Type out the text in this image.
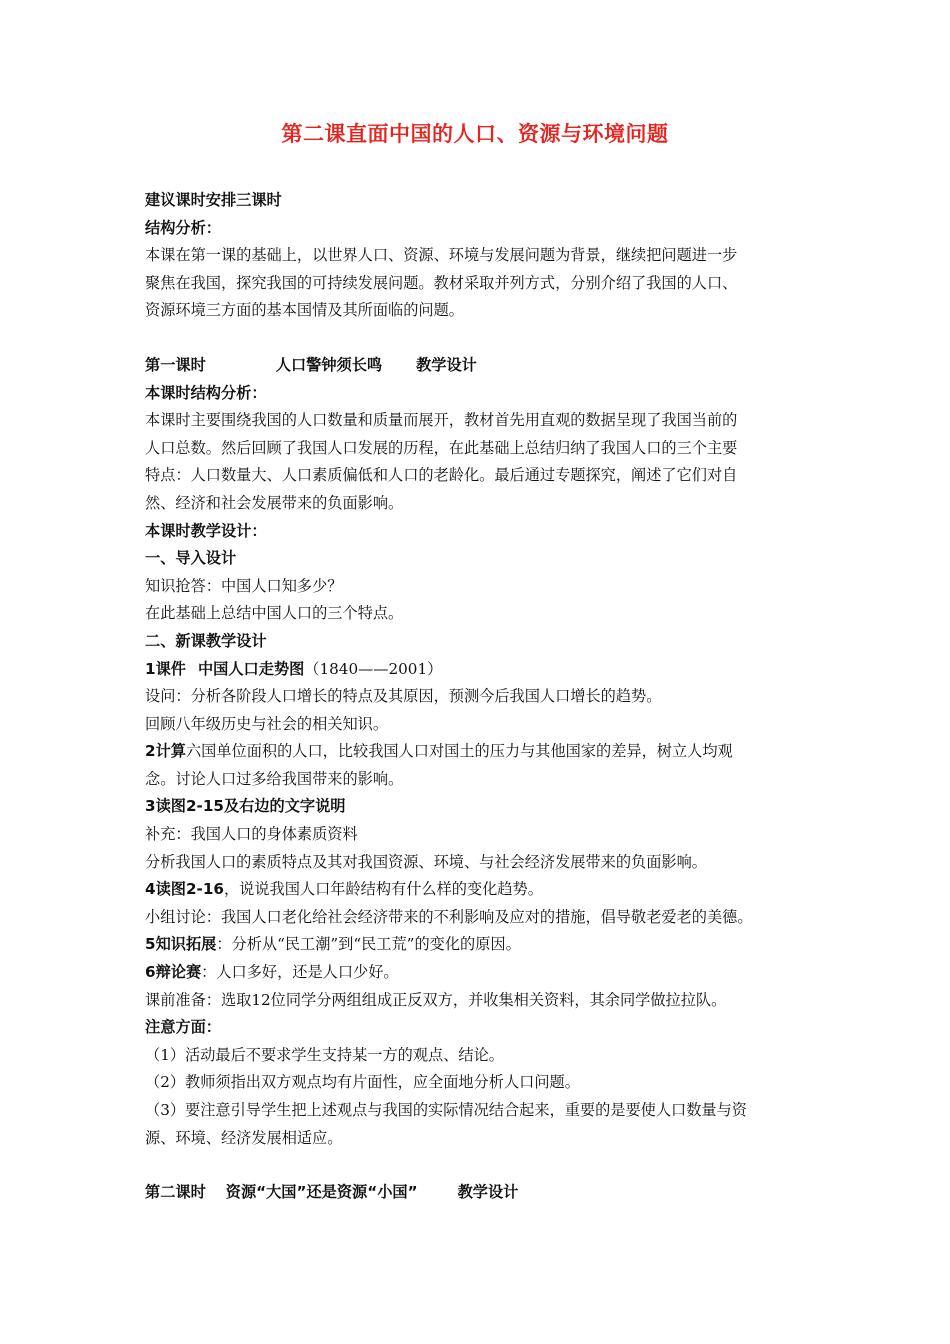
第二课直面中国的人口、资源与环境问题
建议课时安排三课时
结构分析：
本课在第一课的基础上，以世界人口、资源、环境与发展问题为背景，继续把问题进一步
聚焦在我国，探究我国的可持续发展问题。教材采取并列方式，分别介绍了我国的人口、
资源环境三方面的基本国情及其所面临的问题。
第一课时	人口警钟须长鸣 教学设计
本课时结构分析：
本课时主要围绕我国的人口数量和质量而展开，教材首先用直观的数据呈现了我国当前的
人口总数。然后回顾了我国人口发展的历程，在此基础上总结归纳了我国人口的三个主要
特点：人口数量大、人口素质偏低和人口的老龄化。最后通过专题探究，阐述了它们对自
然、经济和社会发展带来的负面影响。
本课时教学设计：
一、导入设计
知识抢答：中国人口知多少？
在此基础上总结中国人口的三个特点。
二、新课教学设计
1课件 中国人口走势图（1840——2001）
设问：分析各阶段人口增长的特点及其原因，预测今后我国人口增长的趋势。
回顾八年级历史与社会的相关知识。
2计算六国单位面积的人口，比较我国人口对国土的压力与其他国家的差异，树立人均观
念。讨论人口过多给我国带来的影响。
3读图2-15及右边的文字说明
补充：我国人口的身体素质资料
分析我国人口的素质特点及其对我国资源、环境、与社会经济发展带来的负面影响。
4读图2-16，说说我国人口年龄结构有什么样的变化趋势。
小组讨论：我国人口老化给社会经济带来的不利影响及应对的措施，倡导敬老爱老的美德。
5知识拓展：分析从“民工潮”到“民工荒”的变化的原因。
6辩论赛：人口多好，还是人口少好。
课前准备：选取12位同学分两组组成正反双方，并收集相关资料，其余同学做拉拉队。
注意方面：
（1）活动最后不要求学生支持某一方的观点、结论。
（2）教师须指出双方观点均有片面性，应全面地分析人口问题。
（3）要注意引导学生把上述观点与我国的实际情况结合起来，重要的是要使人口数量与资
源、环境、经济发展相适应。
第二课时 资源“大国”还是资源“小国”	教学设计
